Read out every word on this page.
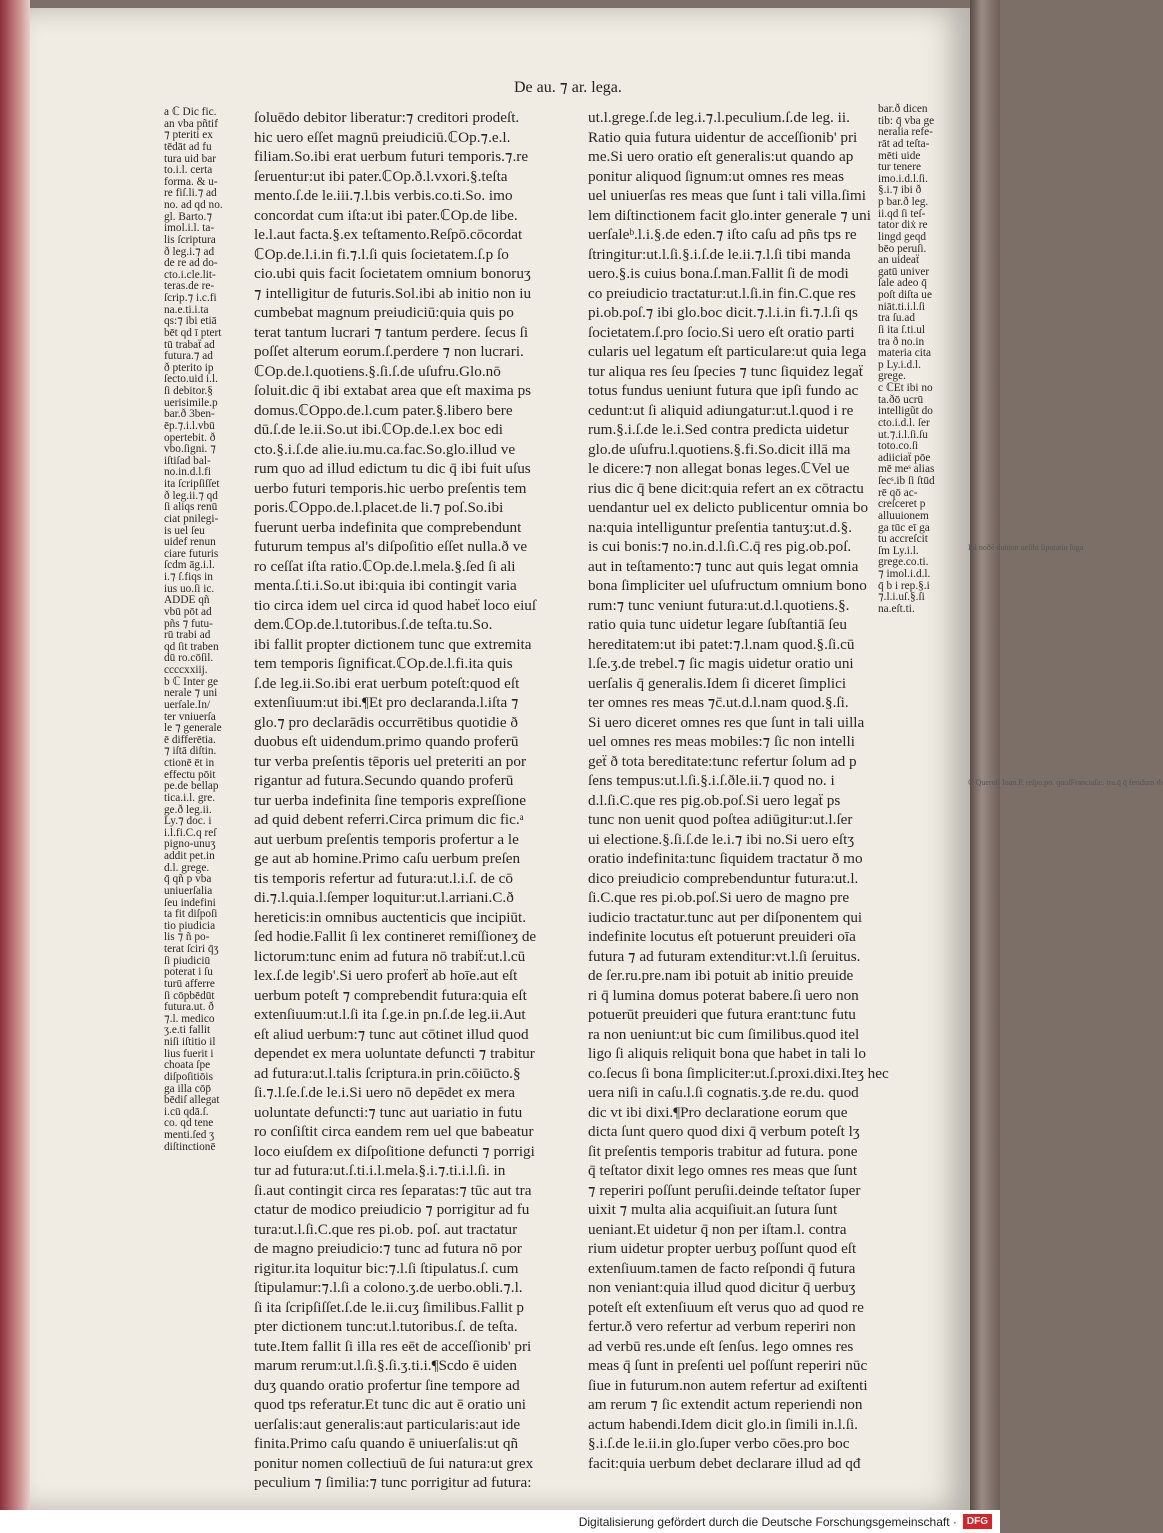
De au. ⁊ ar. lega.
a ℂ Dic fic.
an vba pñtif
⁊ pteriti ex
tēdāt ad fu
tura uid bar
to.i.l. certa
forma. & u-
re fiſ.li.⁊ ad
no. ad qd no.
gl. Barto.⁊
imol.i.l. ta-
lis ſcriptura
ð leg.i.⁊ ad
de re ad do-
cto.i.cle.lit-
teras.de re-
ſcrip.⁊ i.c.fi
na.e.ti.i.ta
qs:⁊ ibi etiā
bēt qd ī ptert
tū trabaẗ ad
futura.⁊ ad
ð pterito ip
ſecto.uid i.l.
ſi debitor.§
uerisimile.p
bar.ð 3ben-
ēp.⁊.i.l.vbū
opertebit. ð
vbo.ſigni. ⁊
iſtiſad bal-
no.in.d.l.fi
ita ſcripſiſſet
ð leg.ii.⁊ qd
ſi aliqs renū
ciat pnilegi-
is uel ſeu
uidef renun
ciare futuris
ſcdm āg.i.l.
i.⁊ ſ.fiqs in
ius uo.ſi ic.
ADDE qñ
vbū pōt ad
pñs ⁊ futu-
rū trabi ad
qd ſit traben
dū ro.cōſil.
ccccxxiij.
b ℂ Inter ge
nerale ⁊ uni
uerſale.In/
ter vniuerſa
le ⁊ generale
ē differētia.
⁊ iſtā diſtin.
ctionē ēt in
effectu pōit
pe.de bellap
tica.i.l. gre.
ge.ð leg.ii.
Ly.⁊ doc. i
i.l.fi.C.q reſ
pigno-unuʒ
addit pet.in
d.l. grege.
q̄ qñ p vba
uniuerſalia
ſeu indefini
ta fit diſpoſi
tio piudicia
lis ⁊ ñ po-
terat ſciri q̄ʒ
ſi piudiciū
poterat i ſu
turū afferre
ſi cōpbēdūt
futura.ut. ð
⁊.l. medico
ʒ.e.ti fallit
niſi iſtitio il
lius fuerit i
choata ſpe
diſpoſitiōis
ga illa cōp̄
bēdiſ allegat
i.cū qdā.ſ.
co. qd tene
menti.ſed ʒ
diſtinctionē
ſoluēdo debitor liberatur:⁊ creditori prodeſt.
hic uero eſſet magnū preiudiciū.ℂOp.⁊.e.l.
filiam.So.ibi erat uerbum futuri temporis.⁊.re
ſeruentur:ut ibi pater.ℂOp.ð.l.vxori.§.teſta
mento.ſ.de le.iii.⁊.l.bis verbis.co.ti.So. imo
concordat cum iſta:ut ibi pater.ℂOp.de libe.
le.l.aut facta.§.ex teſtamento.Reſpō.cōcordat
ℂOp.de.l.i.in fi.⁊.l.ſi quis ſocietatem.ſ.p ſo
cio.ubi quis facit ſocietatem omnium bonoruʒ
⁊ intelligitur de futuris.Sol.ibi ab initio non iu
cumbebat magnum preiudiciū:quia quis po
terat tantum lucrari ⁊ tantum perdere. ſecus ſi
poſſet alterum eorum.ſ.perdere ⁊ non lucrari.
ℂOp.de.l.quotiens.§.ſi.ſ.de uſufru.Glo.nō
ſoluit.dic q̄ ibi extabat area que eſt maxima ps
domus.ℂOppo.de.l.cum pater.§.libero bere
dū.ſ.de le.ii.So.ut ibi.ℂOp.de.l.ex boc edi
cto.§.i.ſ.de alie.iu.mu.ca.fac.So.glo.illud ve
rum quo ad illud edictum tu dic q̄ ibi fuit uſus
uerbo futuri temporis.hic uerbo preſentis tem
poris.ℂOppo.de.l.placet.de li.⁊ poſ.So.ibi
fuerunt uerba indefinita que comprebendunt
futurum tempus al's diſpoſitio eſſet nulla.ð ve
ro ceſſat iſta ratio.ℂOp.de.l.mela.§.ſed ſi ali
menta.ſ.ti.i.So.ut ibi:quia ibi contingit varia
tio circa idem uel circa id quod habeẗ loco eiuſ
dem.ℂOp.de.l.tutoribus.ſ.de teſta.tu.So.
ibi fallit propter dictionem tunc que extremita
tem temporis ſignificat.ℂOp.de.l.fi.ita quis
ſ.de leg.ii.So.ibi erat uerbum poteſt:quod eſt
extenſiuum:ut ibi.¶Et pro declaranda.l.iſta ⁊
glo.⁊ pro declarādis occurrētibus quotidie ð
duobus eſt uidendum.primo quando proferū
tur verba preſentis tēporis uel preteriti an por
rigantur ad futura.Secundo quando proferū
tur uerba indefinita ſine temporis expreſſione
ad quid debent referri.Circa primum dic fic.ᵃ
aut uerbum preſentis temporis profertur a le
ge aut ab homine.Primo caſu uerbum preſen
tis temporis refertur ad futura:ut.l.i.ſ. de cō
di.⁊.l.quia.l.ſemper loquitur:ut.l.arriani.C.ð
hereticis:in omnibus auctenticis que incipiūt.
ſed hodie.Fallit ſi lex contineret remiſſioneʒ de
lictorum:tunc enim ad futura nō trabiẗ:ut.l.cū
lex.ſ.de legib'.Si uero proferẗ ab hoīe.aut eſt
uerbum poteſt ⁊ comprebendit futura:quia eſt
extenſiuum:ut.l.ſi ita ſ.ge.in pn.ſ.de leg.ii.Aut
eſt aliud uerbum:⁊ tunc aut cōtinet illud quod
dependet ex mera uoluntate defuncti ⁊ trabitur
ad futura:ut.l.talis ſcriptura.in prin.cōiūcto.§
ſi.⁊.l.ſe.ſ.de le.i.Si uero nō depēdet ex mera
uoluntate defuncti:⁊ tunc aut uariatio in futu
ro conſiſtit circa eandem rem uel que babeatur
loco eiuſdem ex diſpoſitione defuncti ⁊ porrigi
tur ad futura:ut.ſ.ti.i.l.mela.§.i.⁊.ti.i.l.ſi. in
ſi.aut contingit circa res ſeparatas:⁊ tūc aut tra
ctatur de modico preiudicio ⁊ porrigitur ad fu
tura:ut.l.ſi.C.que res pi.ob. poſ. aut tractatur
de magno preiudicio:⁊ tunc ad futura nō por
rigitur.ita loquitur bic:⁊.l.ſi ſtipulatus.ſ. cum
ſtipulamur:⁊.l.ſi a colono.ʒ.de uerbo.obli.⁊.l.
ſi ita ſcripſiſſet.ſ.de le.ii.cuʒ ſimilibus.Fallit p
pter dictionem tunc:ut.l.tutoribus.ſ. de teſta.
tute.Item fallit ſi illa res eēt de acceſſionib' pri
marum rerum:ut.l.ſi.§.ſi.ʒ.ti.i.¶Scdo ē uiden
duʒ quando oratio profertur ſine tempore ad
quod tps referatur.Et tunc dic aut ē oratio uni
uerſalis:aut generalis:aut particularis:aut ide
finita.Primo caſu quando ē uniuerſalis:ut qñ
ponitur nomen collectiuū de ſui natura:ut grex
peculium ⁊ ſimilia:⁊ tunc porrigitur ad futura:
ut.l.grege.ſ.de leg.i.⁊.l.peculium.ſ.de leg. ii.
Ratio quia futura uidentur de acceſſionib' pri
me.Si uero oratio eſt generalis:ut quando ap
ponitur aliquod ſignum:ut omnes res meas
uel uniuerſas res meas que ſunt i tali villa.ſimi
lem diſtinctionem facit glo.inter generale ⁊ uni
uerſaleᵇ.l.i.§.de eden.⁊ iſto caſu ad pñs tps re
ſtringitur:ut.l.ſi.§.i.ſ.de le.ii.⁊.l.ſi tibi manda
uero.§.is cuius bona.ſ.man.Fallit ſi de modi
co preiudicio tractatur:ut.l.ſi.in fin.C.que res
pi.ob.poſ.⁊ ibi glo.boc dicit.⁊.l.i.in fi.⁊.l.ſi qs
ſocietatem.ſ.pro ſocio.Si uero eſt oratio parti
cularis uel legatum eſt particulare:ut quia lega
tur aliqua res ſeu ſpecies ⁊ tunc ſiquidez legaẗ
totus fundus ueniunt futura que ipſi fundo ac
cedunt:ut ſi aliquid adiungatur:ut.l.quod i re
rum.§.i.ſ.de le.i.Sed contra predicta uidetur
glo.de uſufru.l.quotiens.§.fi.So.dicit illā ma
le dicere:⁊ non allegat bonas leges.ℂVel ue
rius dic q̄ bene dicit:quia refert an ex cōtractu
uendantur uel ex delicto publicentur omnia bo
na:quia intelliguntur preſentia tantuʒ:ut.d.§.
is cui bonis:⁊ no.in.d.l.ſi.C.q̄ res pig.ob.poſ.
aut in teſtamento:⁊ tunc aut quis legat omnia
bona ſimpliciter uel uſufructum omnium bono
rum:⁊ tunc veniunt futura:ut.d.l.quotiens.§.
ratio quia tunc uidetur legare ſubſtantiā ſeu
hereditatem:ut ibi patet:⁊.l.nam quod.§.ſi.cū
l.ſe.ʒ.de trebel.⁊ ſic magis uidetur oratio uni
uerſalis q̄ generalis.Idem ſi diceret ſimplici
ter omnes res meas ⁊c̄.ut.d.l.nam quod.§.ſi.
Si uero diceret omnes res que ſunt in tali uilla
uel omnes res meas mobiles:⁊ ſic non intelli
geẗ ð tota bereditate:tunc refertur ſolum ad p
ſens tempus:ut.l.ſi.§.i.ſ.ðle.ii.⁊ quod no. i
d.l.ſi.C.que res pig.ob.poſ.Si uero legaẗ ps
tunc non uenit quod poſtea adiūgitur:ut.l.ſer
ui electione.§.ſi.ſ.de le.i.⁊ ibi no.Si uero eſtʒ
oratio indefinita:tunc ſiquidem tractatur ð mo
dico preiudicio comprebenduntur futura:ut.l.
ſi.C.que res pi.ob.poſ.Si uero de magno pre
iudicio tractatur.tunc aut per diſponentem qui
indefinite locutus eſt potuerunt preuideri oīa
futura ⁊ ad futuram extenditur:vt.l.ſi ſeruitus.
de ſer.ru.pre.nam ibi potuit ab initio preuide
ri q̄ lumina domus poterat babere.ſi uero non
potuerūt preuideri que futura erant:tunc futu
ra non ueniunt:ut bic cum ſimilibus.quod itel
ligo ſi aliquis reliquit bona que habet in tali lo
co.ſecus ſi bona ſimpliciter:ut.ſ.proxi.dixi.Iteʒ hec
uera niſi in caſu.l.ſi cognatis.ʒ.de re.du. quod
dic vt ibi dixi.¶Pro declaratione eorum que
dicta ſunt quero quod dixi q̄ verbum poteſt lʒ
ſit preſentis temporis trabitur ad futura. pone
q̄ teſtator dixit lego omnes res meas que ſunt
⁊ reperiri poſſunt peruſii.deinde teſtator ſuper
uixit ⁊ multa alia acquiſiuit.an ſutura ſunt
ueniant.Et uidetur q̄ non per iſtam.l. contra
rium uidetur propter uerbuʒ poſſunt quod eſt
extenſiuum.tamen de facto reſpondi q̄ futura
non veniant:quia illud quod dicitur q̄ uerbuʒ
poteſt eſt extenſiuum eſt verus quo ad quod re
fertur.ð vero refertur ad verbum reperiri non
ad verbū res.unde eſt ſenſus. lego omnes res
meas q̄ ſunt in preſenti uel poſſunt reperiri nūc
ſiue in futurum.non autem refertur ad exiſtenti
am rerum ⁊ ſic extendit actum reperiendi non
actum habendi.Idem dicit glo.in ſimili in.l.ſi.
§.i.ſ.de le.ii.in glo.ſuper verbo cōes.pro boc
facit:quia uerbum debet declarare illud ad qđ
bar.ð dicen
tib: q̄ vba ge
neralia refe-
rāt ad teſta-
mēti uide
tur tenere
imo.i.d.l.ſi.
§.i.⁊ ibi ð
p bar.ð leg.
ii.qd ſi teſ-
tator diẋ re
lingd geqd
bēo peruſi.
an uideaẗ
gatū univer
ſale adeo q̄
poſt diſta ue
niāt.ti.i.l.ſi
tra ſu.ad
ſi ita ſ.ti.ul
tra ð no.in
materia cita
p Ly.i.d.l.
grege.
c ℂEt ibi no
ta.ðō ucrū
intelligũt do
cto.i.d.l. ſer
ut.⁊.i.l.ſi.ſu
toto.co.ſi
adiiciaẗ pōe
mē meˢ alias
ſecˢ.ib ſi ſtūd
rē qō ac-
creſceret p
alluuionem
ga tūc eī ga
tu accreſcit
ſm Ly.i.l.
grege.co.ti.
⁊ imol.i.d.l.
q̄ b i rep.§.i
⁊.l.i.uſ.§.ſi
na.eſt.ti.
Ibi noðē duinon ueſibi ſiputatio ſuga
ℂ Queroſi Ioan.P. reſpo.po. quoſFranciaſic. tra.q̄ q̄ feridum rb
Digitalisierung gefördert durch die Deutsche Forschungsgemeinschaft ·	DFG
